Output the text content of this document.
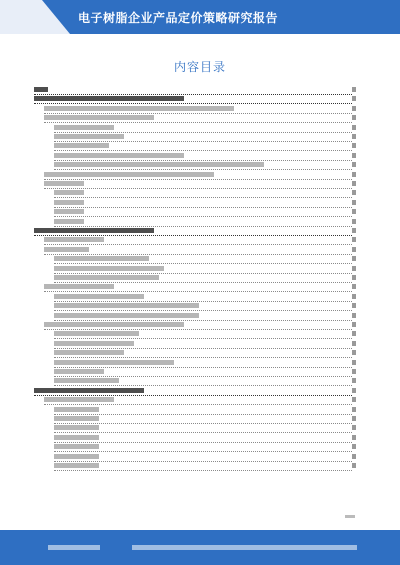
电子树脂企业产品定价策略研究报告
内容目录
